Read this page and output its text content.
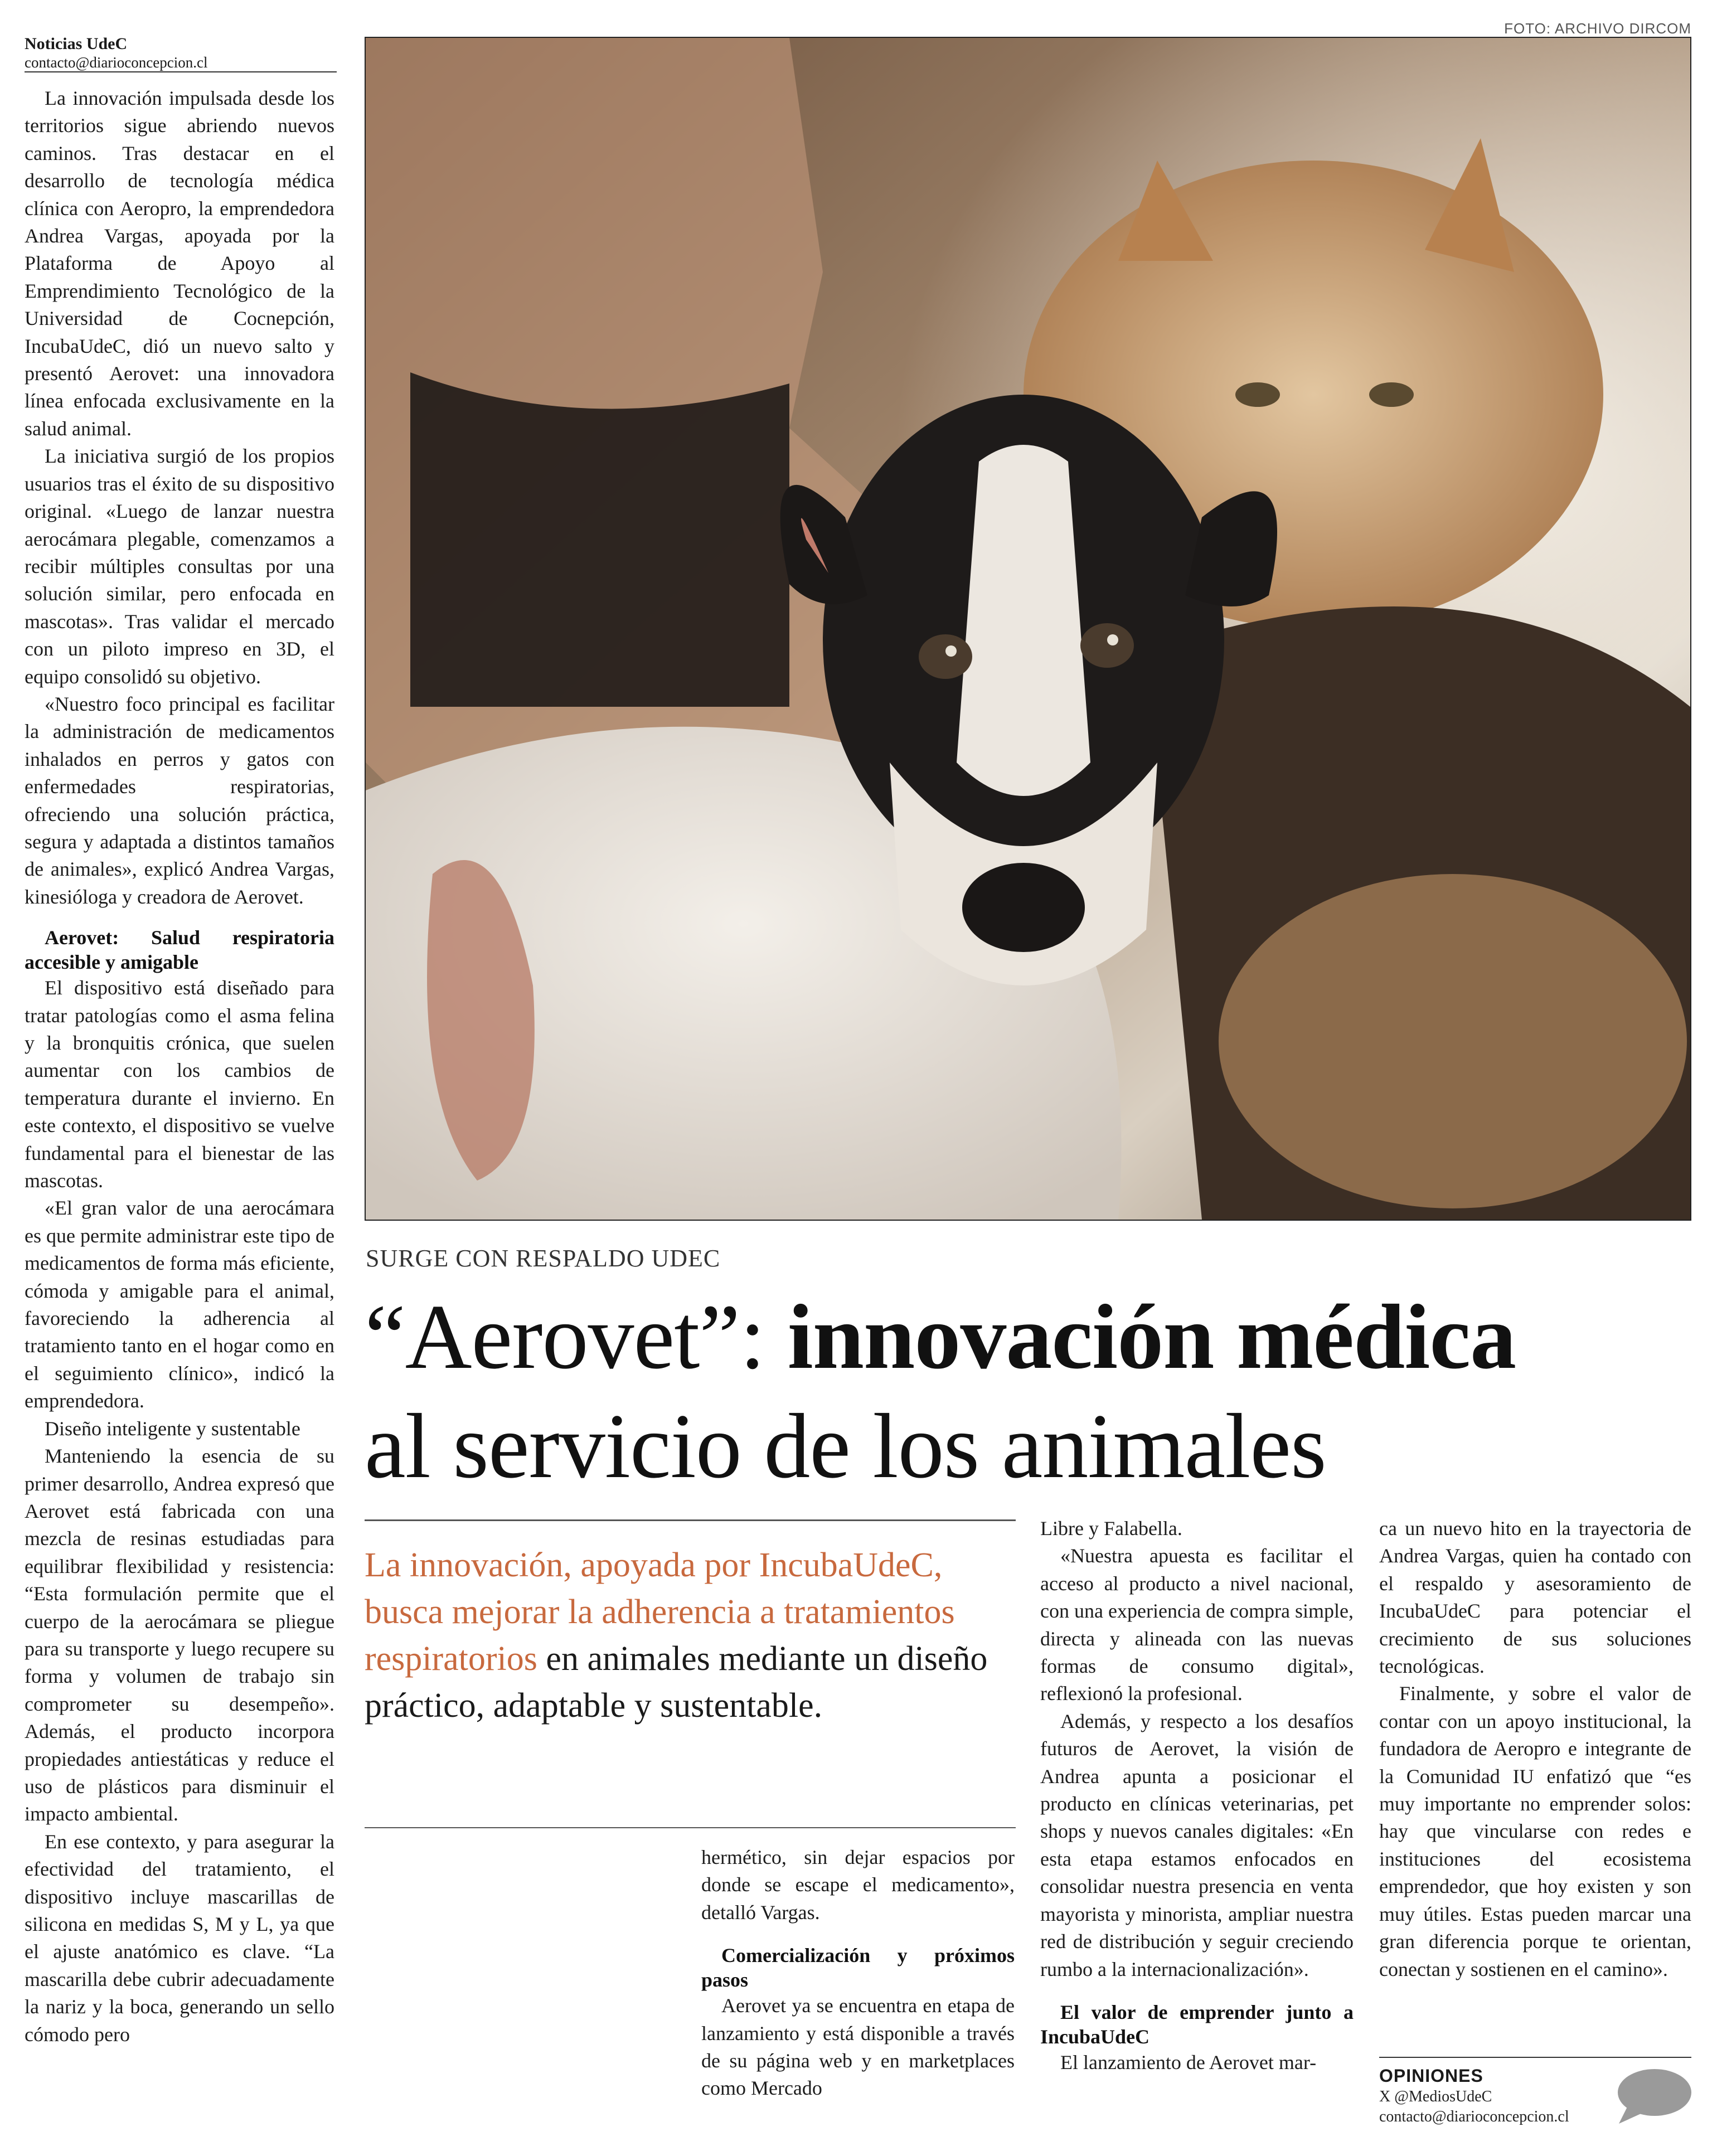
Noticias UdeC
contacto@diarioconcepcion.cl
FOTO: ARCHIVO DIRCOM

La innovación impulsada desde los territorios sigue abriendo nuevos caminos. Tras destacar en el desarrollo de tecnología médica clínica con Aeropro, la emprendedora Andrea Vargas, apoyada por la Plataforma de Apoyo al Emprendimiento Tecnológico de la Universidad de Cocnepción, IncubaUdeC, dió un nuevo salto y presentó Aerovet: una innovadora línea enfocada exclusivamente en la salud animal.

La iniciativa surgió de los propios usuarios tras el éxito de su dispositivo original. «Luego de lanzar nuestra aerocámara plegable, comenzamos a recibir múltiples consultas por una solución similar, pero enfocada en mascotas». Tras validar el mercado con un piloto impreso en 3D, el equipo consolidó su objetivo.

«Nuestro foco principal es facilitar la administración de medicamentos inhalados en perros y gatos con enfermedades respiratorias, ofreciendo una solución práctica, segura y adaptada a distintos tamaños de animales», explicó Andrea Vargas, kinesióloga y creadora de Aerovet.

Aerovet: Salud respiratoria accesible y amigable

El dispositivo está diseñado para tratar patologías como el asma felina y la bronquitis crónica, que suelen aumentar con los cambios de temperatura durante el invierno. En este contexto, el dispositivo se vuelve fundamental para el bienestar de las mascotas.

«El gran valor de una aerocámara es que permite administrar este tipo de medicamentos de forma más eficiente, cómoda y amigable para el animal, favoreciendo la adherencia al tratamiento tanto en el hogar como en el seguimiento clínico», indicó la emprendedora.

Diseño inteligente y sustentable

Manteniendo la esencia de su primer desarrollo, Andrea expresó que Aerovet está fabricada con una mezcla de resinas estudiadas para equilibrar flexibilidad y resistencia: “Esta formulación permite que el cuerpo de la aerocámara se pliegue para su transporte y luego recupere su forma y volumen de trabajo sin comprometer su desempeño». Además, el producto incorpora propiedades antiestáticas y reduce el uso de plásticos para disminuir el impacto ambiental.

En ese contexto, y para asegurar la efectividad del tratamiento, el dispositivo incluye mascarillas de silicona en medidas S, M y L, ya que el ajuste anatómico es clave. “La mascarilla debe cubrir adecuadamente la nariz y la boca, generando un sello cómodo pero

SURGE CON RESPALDO UDEC
“Aerovet”: innovación médica
al servicio de los animales
La innovación, apoyada por IncubaUdeC, busca mejorar la adherencia a tratamientos respiratorios en animales mediante un diseño práctico, adaptable y sustentable.

hermético, sin dejar espacios por donde se escape el medicamento», detalló Vargas.

Comercialización y próximos pasos

Aerovet ya se encuentra en etapa de lanzamiento y está disponible a través de su página web y en marketplaces como Mercado

Libre y Falabella.

«Nuestra apuesta es facilitar el acceso al producto a nivel nacional, con una experiencia de compra simple, directa y alineada con las nuevas formas de consumo digital», reflexionó la profesional.

Además, y respecto a los desafíos futuros de Aerovet, la visión de Andrea apunta a posicionar el producto en clínicas veterinarias, pet shops y nuevos canales digitales: «En esta etapa estamos enfocados en consolidar nuestra presencia en venta mayorista y minorista, ampliar nuestra red de distribución y seguir creciendo rumbo a la internacionalización».

El valor de emprender junto a IncubaUdeC

El lanzamiento de Aerovet mar-

ca un nuevo hito en la trayectoria de Andrea Vargas, quien ha contado con el respaldo y asesoramiento de IncubaUdeC para potenciar el crecimiento de sus soluciones tecnológicas.

Finalmente, y sobre el valor de contar con un apoyo institucional, la fundadora de Aeropro e integrante de la Comunidad IU enfatizó que “es muy importante no emprender solos: hay que vincularse con redes e instituciones del ecosistema emprendedor, que hoy existen y son muy útiles. Estas pueden marcar una gran diferencia porque te orientan, conectan y sostienen en el camino».

OPINIONES
X @MediosUdeC
contacto@diarioconcepcion.cl
